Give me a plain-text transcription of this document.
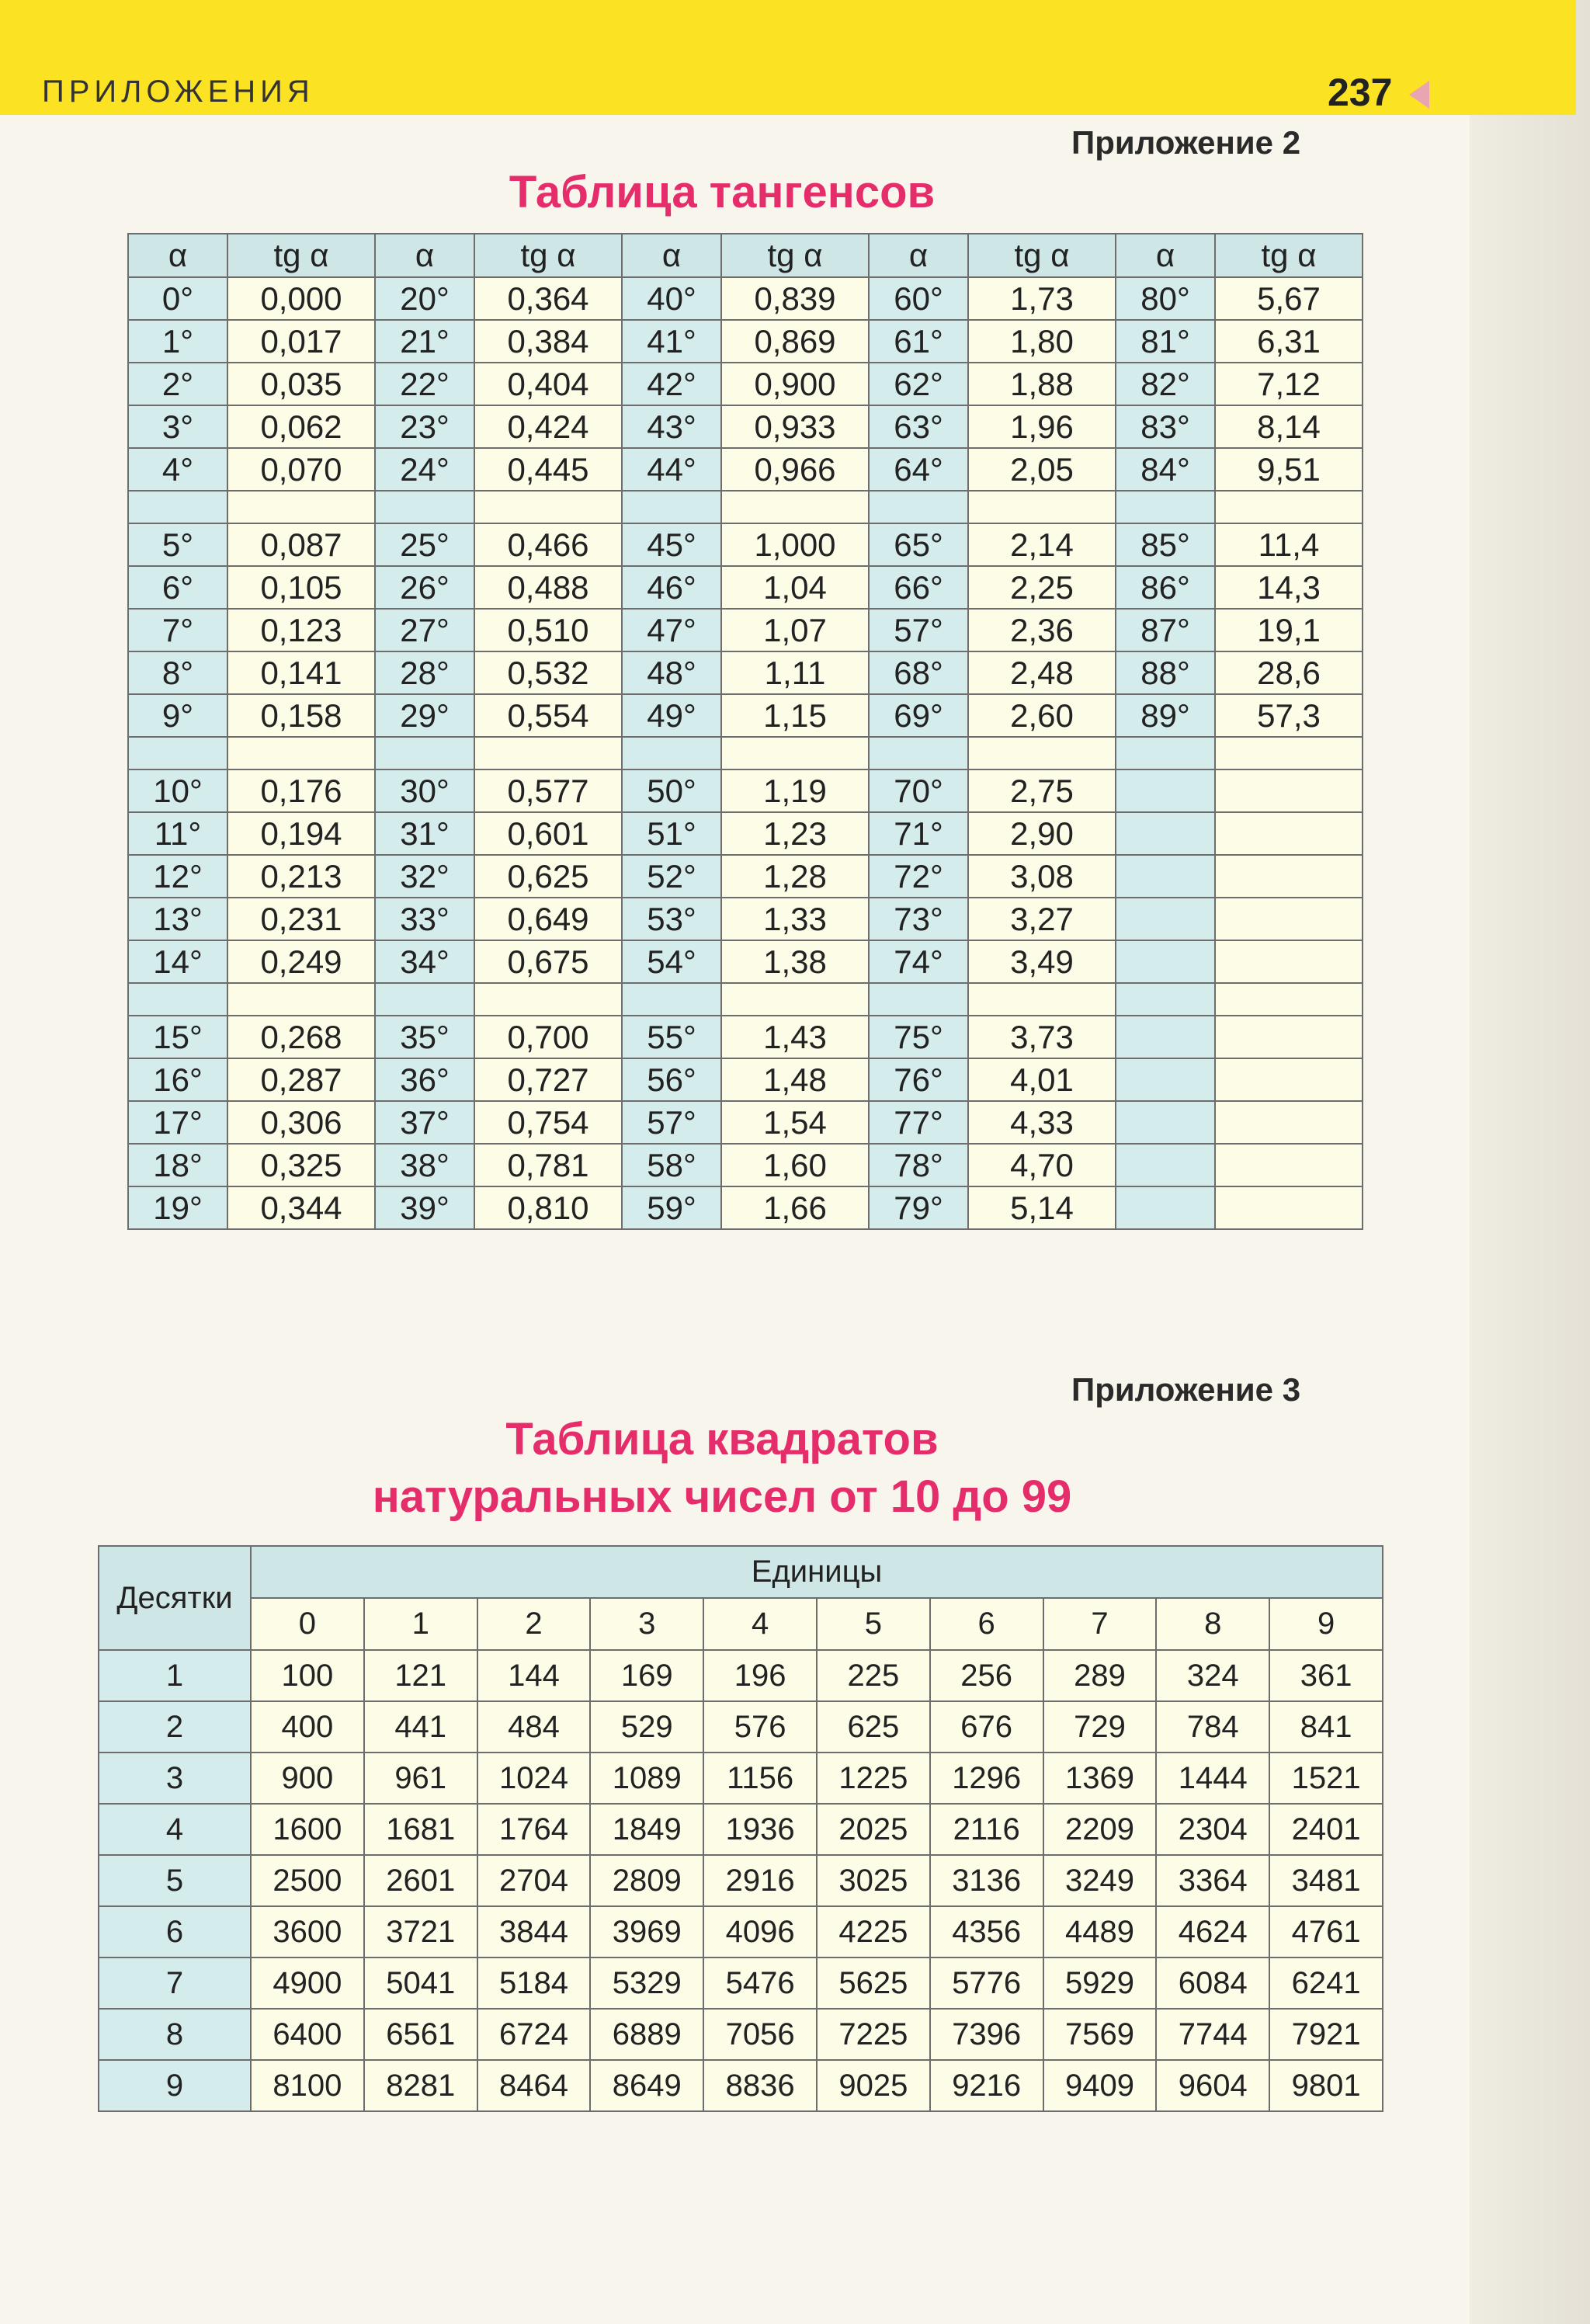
ПРИЛОЖЕНИЯ	237
Приложение 2
Таблица тангенсов
α	tg α	α	tg α	α	tg α	α	tg α	α	tg α
0°	0,000	20°	0,364	40°	0,839	60°	1,73	80°	5,67
1°	0,017	21°	0,384	41°	0,869	61°	1,80	81°	6,31
2°	0,035	22°	0,404	42°	0,900	62°	1,88	82°	7,12
3°	0,062	23°	0,424	43°	0,933	63°	1,96	83°	8,14
4°	0,070	24°	0,445	44°	0,966	64°	2,05	84°	9,51

5°	0,087	25°	0,466	45°	1,000	65°	2,14	85°	11,4
6°	0,105	26°	0,488	46°	1,04	66°	2,25	86°	14,3
7°	0,123	27°	0,510	47°	1,07	57°	2,36	87°	19,1
8°	0,141	28°	0,532	48°	1,11	68°	2,48	88°	28,6
9°	0,158	29°	0,554	49°	1,15	69°	2,60	89°	57,3

10°	0,176	30°	0,577	50°	1,19	70°	2,75		
11°	0,194	31°	0,601	51°	1,23	71°	2,90		
12°	0,213	32°	0,625	52°	1,28	72°	3,08		
13°	0,231	33°	0,649	53°	1,33	73°	3,27		
14°	0,249	34°	0,675	54°	1,38	74°	3,49		

15°	0,268	35°	0,700	55°	1,43	75°	3,73		
16°	0,287	36°	0,727	56°	1,48	76°	4,01		
17°	0,306	37°	0,754	57°	1,54	77°	4,33		
18°	0,325	38°	0,781	58°	1,60	78°	4,70		
19°	0,344	39°	0,810	59°	1,66	79°	5,14		
Приложение 3
Таблица квадратов
натуральных чисел от 10 до 99
Десятки	Единицы									
	0	1	2	3	4	5	6	7	8	9
1	100	121	144	169	196	225	256	289	324	361
2	400	441	484	529	576	625	676	729	784	841
3	900	961	1024	1089	1156	1225	1296	1369	1444	1521
4	1600	1681	1764	1849	1936	2025	2116	2209	2304	2401
5	2500	2601	2704	2809	2916	3025	3136	3249	3364	3481
6	3600	3721	3844	3969	4096	4225	4356	4489	4624	4761
7	4900	5041	5184	5329	5476	5625	5776	5929	6084	6241
8	6400	6561	6724	6889	7056	7225	7396	7569	7744	7921
9	8100	8281	8464	8649	8836	9025	9216	9409	9604	9801
